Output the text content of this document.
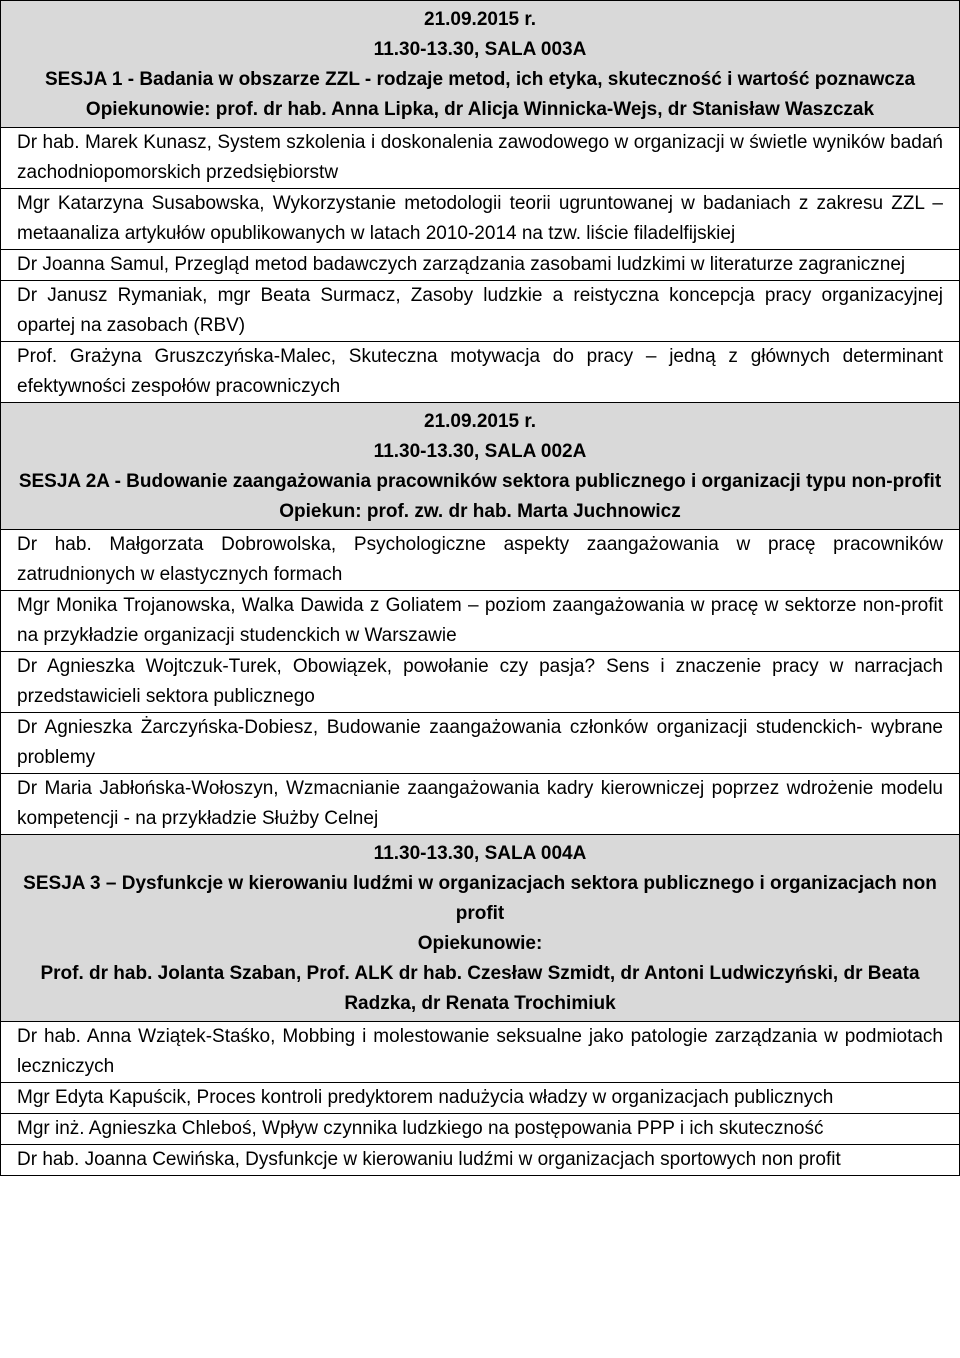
21.09.2015 r.
11.30-13.30, SALA 003A
SESJA 1 - Badania w obszarze ZZL - rodzaje metod, ich etyka, skuteczność i wartość poznawcza
Opiekunowie: prof. dr hab. Anna Lipka, dr Alicja Winnicka-Wejs, dr Stanisław Waszczak
Dr hab. Marek Kunasz, System szkolenia i doskonalenia zawodowego w organizacji w świetle wyników badań zachodniopomorskich przedsiębiorstw
Mgr Katarzyna Susabowska, Wykorzystanie metodologii teorii ugruntowanej w badaniach z zakresu ZZL – metaanaliza artykułów opublikowanych w latach 2010-2014 na tzw. liście filadelfijskiej
Dr Joanna Samul, Przegląd metod badawczych zarządzania zasobami ludzkimi w literaturze zagranicznej
Dr Janusz Rymaniak, mgr Beata Surmacz, Zasoby ludzkie a reistyczna koncepcja pracy organizacyjnej opartej na zasobach (RBV)
Prof. Grażyna Gruszczyńska-Malec, Skuteczna motywacja do pracy – jedną z głównych determinant efektywności zespołów pracowniczych
21.09.2015 r.
11.30-13.30, SALA 002A
SESJA 2A - Budowanie zaangażowania pracowników sektora publicznego i organizacji typu non-profit
Opiekun: prof. zw. dr hab. Marta Juchnowicz
Dr hab. Małgorzata Dobrowolska, Psychologiczne aspekty zaangażowania w pracę pracowników zatrudnionych w elastycznych formach
Mgr Monika Trojanowska, Walka Dawida z Goliatem – poziom zaangażowania w pracę w sektorze non-profit na przykładzie organizacji studenckich w Warszawie
Dr Agnieszka Wojtczuk-Turek, Obowiązek, powołanie czy pasja? Sens i znaczenie pracy w narracjach przedstawicieli sektora publicznego
Dr Agnieszka Żarczyńska-Dobiesz, Budowanie zaangażowania członków organizacji studenckich- wybrane problemy
Dr Maria Jabłońska-Wołoszyn, Wzmacnianie zaangażowania kadry kierowniczej poprzez wdrożenie modelu kompetencji - na przykładzie Służby Celnej
11.30-13.30, SALA 004A
SESJA 3 – Dysfunkcje w kierowaniu ludźmi w organizacjach sektora publicznego i organizacjach non profit
Opiekunowie:
Prof. dr hab. Jolanta Szaban, Prof. ALK dr hab. Czesław Szmidt, dr Antoni Ludwiczyński, dr Beata Radzka, dr Renata Trochimiuk
Dr hab. Anna Wziątek-Staśko, Mobbing i molestowanie seksualne jako patologie zarządzania w podmiotach leczniczych
Mgr Edyta Kapuścik, Proces kontroli predyktorem nadużycia władzy w organizacjach publicznych
Mgr inż. Agnieszka Chleboś, Wpływ czynnika ludzkiego na postępowania PPP i ich skuteczność
Dr hab. Joanna Cewińska, Dysfunkcje w kierowaniu ludźmi w organizacjach sportowych non profit
